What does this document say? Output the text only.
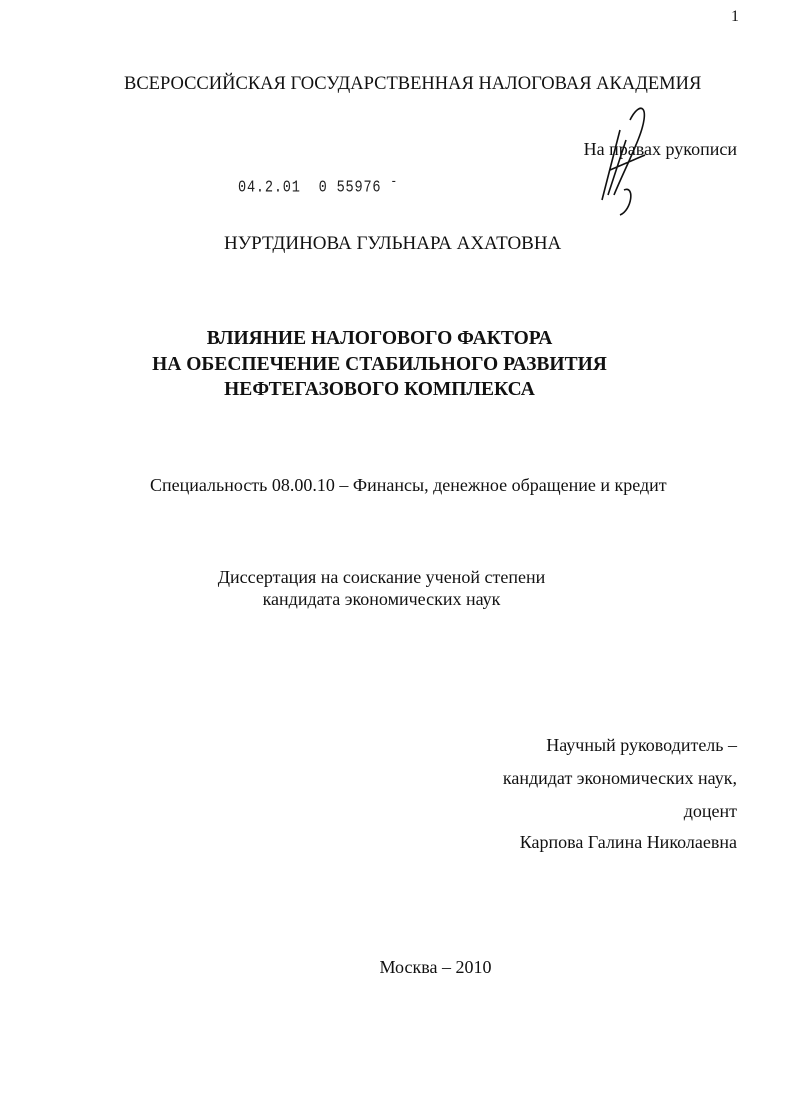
1
ВСЕРОССИЙСКАЯ ГОСУДАРСТВЕННАЯ НАЛОГОВАЯ АКАДЕМИЯ
На правах рукописи
04.2.01 0 55976 -
НУРТДИНОВА ГУЛЬНАРА АХАТОВНА
ВЛИЯНИЕ НАЛОГОВОГО ФАКТОРА
НА ОБЕСПЕЧЕНИЕ СТАБИЛЬНОГО РАЗВИТИЯ
НЕФТЕГАЗОВОГО КОМПЛЕКСА
Специальность 08.00.10 – Финансы, денежное обращение и кредит
Диссертация на соискание ученой степени
кандидата экономических наук
Научный руководитель –
кандидат экономических наук,
доцент
Карпова Галина Николаевна
Москва – 2010
